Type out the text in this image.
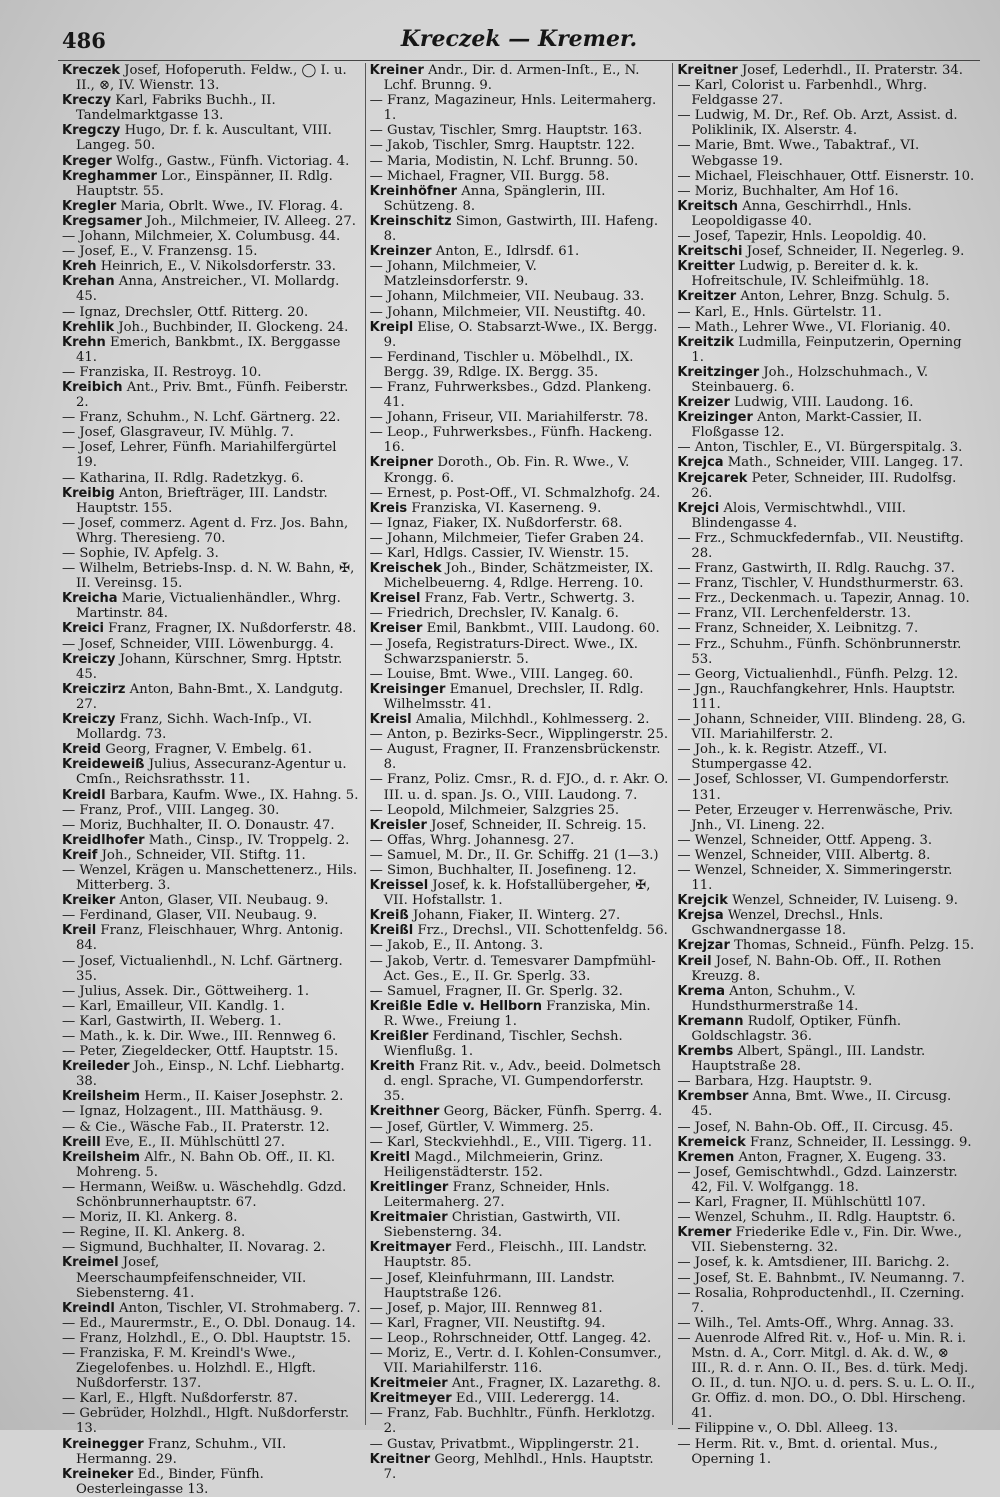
486	Kreczek — Kremer.

Kreczek Josef, Hofoperuth. Feldw., ◯ I. u. II., ⊗, IV. Wienstr. 13.

Kreczy Karl, Fabriks Buchh., II. Tandelmarktgasse 13.

Kregczy Hugo, Dr. f. k. Auscultant, VIII. Langeg. 50.

Kreger Wolfg., Gastw., Fünfh. Victoriag. 4.

Kreghammer Lor., Einspänner, II. Rdlg. Hauptstr. 55.

Kregler Maria, Obrlt. Wwe., IV. Florag. 4.

Kregsamer Joh., Milchmeier, IV. Alleeg. 27.

— Johann, Milchmeier, X. Columbusg. 44.

— Josef, E., V. Franzensg. 15.

Kreh Heinrich, E., V. Nikolsdorferstr. 33.

Krehan Anna, Anstreicher., VI. Mollardg. 45.

— Ignaz, Drechsler, Ottf. Ritterg. 20.

Krehlik Joh., Buchbinder, II. Glockeng. 24.

Krehn Emerich, Bankbmt., IX. Berggasse 41.

— Franziska, II. Restroyg. 10.

Kreibich Ant., Priv. Bmt., Fünfh. Feiberstr. 2.

— Franz, Schuhm., N. Lchf. Gärtnerg. 22.

— Josef, Glasgraveur, IV. Mühlg. 7.

— Josef, Lehrer, Fünfh. Mariahilfergürtel 19.

— Katharina, II. Rdlg. Radetzkyg. 6.

Kreibig Anton, Briefträger, III. Landstr. Hauptstr. 155.

— Josef, commerz. Agent d. Frz. Jos. Bahn, Whrg. Theresieng. 70.

— Sophie, IV. Apfelg. 3.

— Wilhelm, Betriebs-Insp. d. N. W. Bahn, ✠, II. Vereinsg. 15.

Kreicha Marie, Victualienhändler., Whrg. Martinstr. 84.

Kreici Franz, Fragner, IX. Nußdorferstr. 48.

— Josef, Schneider, VIII. Löwenburgg. 4.

Kreiczy Johann, Kürschner, Smrg. Hptstr. 45.

Kreiczirz Anton, Bahn-Bmt., X. Landgutg. 27.

Kreiczy Franz, Sichh. Wach-Inſp., VI. Mollardg. 73.

Kreid Georg, Fragner, V. Embelg. 61.

Kreideweiß Julius, Assecuranz-Agentur u. Cmſn., Reichsrathsstr. 11.

Kreidl Barbara, Kaufm. Wwe., IX. Hahng. 5.

— Franz, Prof., VIII. Langeg. 30.

— Moriz, Buchhalter, II. O. Donaustr. 47.

Kreidlhofer Math., Cinsp., IV. Troppelg. 2.

Kreif Joh., Schneider, VII. Stiftg. 11.

— Wenzel, Krägen u. Manschettenerz., Hils. Mitterberg. 3.

Kreiker Anton, Glaser, VII. Neubaug. 9.

— Ferdinand, Glaser, VII. Neubaug. 9.

Kreil Franz, Fleischhauer, Whrg. Antonig. 84.

— Josef, Victualienhdl., N. Lchf. Gärtnerg. 35.

— Julius, Assek. Dir., Göttweiherg. 1.

— Karl, Emailleur, VII. Kandlg. 1.

— Karl, Gastwirth, II. Weberg. 1.

— Math., k. k. Dir. Wwe., III. Rennweg 6.

— Peter, Ziegeldecker, Ottf. Hauptstr. 15.

Kreileder Joh., Einsp., N. Lchf. Liebhartg. 38.

Kreilsheim Herm., II. Kaiser Josephstr. 2.

— Ignaz, Holzagent., III. Matthäusg. 9.

— & Cie., Wäsche Fab., II. Praterstr. 12.

Kreill Eve, E., II. Mühlschüttl 27.

Kreilsheim Alfr., N. Bahn Ob. Off., II. Kl. Mohreng. 5.

— Hermann, Weißw. u. Wäschehdlg. Gdzd. Schönbrunnerhauptstr. 67.

— Moriz, II. Kl. Ankerg. 8.

— Regine, II. Kl. Ankerg. 8.

— Sigmund, Buchhalter, II. Novarag. 2.

Kreimel Josef, Meerschaumpfeifenschneider, VII. Siebensterng. 41.

Kreindl Anton, Tischler, VI. Strohmaberg. 7.

— Ed., Maurermstr., E., O. Dbl. Donaug. 14.

— Franz, Holzhdl., E., O. Dbl. Hauptstr. 15.

— Franziska, F. M. Kreindl's Wwe., Ziegelofenbes. u. Holzhdl. E., Hlgft. Nußdorferstr. 137.

— Karl, E., Hlgft. Nußdorferstr. 87.

— Gebrüder, Holzhdl., Hlgft. Nußdorferstr. 13.

Kreinegger Franz, Schuhm., VII. Hermanng. 29.

Kreineker Ed., Binder, Fünfh. Oesterleingasse 13.

Kreiner Andr., Dir. d. Armen-Inſt., E., N. Lchf. Brunng. 9.

— Franz, Magazineur, Hnls. Leitermaherg. 1.

— Gustav, Tischler, Smrg. Hauptstr. 163.

— Jakob, Tischler, Smrg. Hauptstr. 122.

— Maria, Modistin, N. Lchf. Brunng. 50.

— Michael, Fragner, VII. Burgg. 58.

Kreinhöfner Anna, Spänglerin, III. Schützeng. 8.

Kreinschitz Simon, Gastwirth, III. Hafeng. 8.

Kreinzer Anton, E., Idlrsdf. 61.

— Johann, Milchmeier, V. Matzleinsdorferstr. 9.

— Johann, Milchmeier, VII. Neubaug. 33.

— Johann, Milchmeier, VII. Neustiftg. 40.

Kreipl Elise, O. Stabsarzt-Wwe., IX. Bergg. 9.

— Ferdinand, Tischler u. Möbelhdl., IX. Bergg. 39, Rdlge. IX. Bergg. 35.

— Franz, Fuhrwerksbes., Gdzd. Plankeng. 41.

— Johann, Friseur, VII. Mariahilferstr. 78.

— Leop., Fuhrwerksbes., Fünfh. Hackeng. 16.

Kreipner Doroth., Ob. Fin. R. Wwe., V. Krongg. 6.

— Ernest, p. Post-Off., VI. Schmalzhofg. 24.

Kreis Franziska, VI. Kaserneng. 9.

— Ignaz, Fiaker, IX. Nußdorferstr. 68.

— Johann, Milchmeier, Tiefer Graben 24.

— Karl, Hdlgs. Cassier, IV. Wienstr. 15.

Kreischek Joh., Binder, Schätzmeister, IX. Michelbeuerng. 4, Rdlge. Herreng. 10.

Kreisel Franz, Fab. Vertr., Schwertg. 3.

— Friedrich, Drechsler, IV. Kanalg. 6.

Kreiser Emil, Bankbmt., VIII. Laudong. 60.

— Josefa, Registraturs-Direct. Wwe., IX. Schwarzspanierstr. 5.

— Louise, Bmt. Wwe., VIII. Langeg. 60.

Kreisinger Emanuel, Drechsler, II. Rdlg. Wilhelmsstr. 41.

Kreisl Amalia, Milchhdl., Kohlmesserg. 2.

— Anton, p. Bezirks-Secr., Wipplingerstr. 25.

— August, Fragner, II. Franzensbrückenstr. 8.

— Franz, Poliz. Cmsr., R. d. FJO., d. r. Akr. O. III. u. d. span. Js. O., VIII. Laudong. 7.

— Leopold, Milchmeier, Salzgries 25.

Kreisler Josef, Schneider, II. Schreig. 15.

— Offas, Whrg. Johannesg. 27.

— Samuel, M. Dr., II. Gr. Schiffg. 21 (1—3.)

— Simon, Buchhalter, II. Josefineng. 12.

Kreissel Josef, k. k. Hofstallübergeher, ✠, VII. Hofstallstr. 1.

Kreiß Johann, Fiaker, II. Winterg. 27.

Kreißl Frz., Drechsl., VII. Schottenfeldg. 56.

— Jakob, E., II. Antong. 3.

— Jakob, Vertr. d. Temesvarer Dampfmühl-Act. Ges., E., II. Gr. Sperlg. 33.

— Samuel, Fragner, II. Gr. Sperlg. 32.

Kreißle Edle v. Hellborn Franziska, Min. R. Wwe., Freiung 1.

Kreißler Ferdinand, Tischler, Sechsh. Wienflußg. 1.

Kreith Franz Rit. v., Adv., beeid. Dolmetsch d. engl. Sprache, VI. Gumpendorferstr. 35.

Kreithner Georg, Bäcker, Fünfh. Sperrg. 4.

— Josef, Gürtler, V. Wimmerg. 25.

— Karl, Steckviehhdl., E., VIII. Tigerg. 11.

Kreitl Magd., Milchmeierin, Grinz. Heiligenstädterstr. 152.

Kreitlinger Franz, Schneider, Hnls. Leitermaherg. 27.

Kreitmaier Christian, Gastwirth, VII. Siebensterng. 34.

Kreitmayer Ferd., Fleischh., III. Landstr. Hauptstr. 85.

— Josef, Kleinfuhrmann, III. Landstr. Hauptstraße 126.

— Josef, p. Major, III. Rennweg 81.

— Karl, Fragner, VII. Neustiftg. 94.

— Leop., Rohrschneider, Ottf. Langeg. 42.

— Moriz, E., Vertr. d. I. Kohlen-Consumver., VII. Mariahilferstr. 116.

Kreitmeier Ant., Fragner, IX. Lazarethg. 8.

Kreitmeyer Ed., VIII. Lederergg. 14.

— Franz, Fab. Buchhltr., Fünfh. Herklotzg. 2.

— Gustav, Privatbmt., Wipplingerstr. 21.

Kreitner Georg, Mehlhdl., Hnls. Hauptstr. 7.

Kreitner Josef, Lederhdl., II. Praterstr. 34.

— Karl, Colorist u. Farbenhdl., Whrg. Feldgasse 27.

— Ludwig, M. Dr., Ref. Ob. Arzt, Assist. d. Poliklinik, IX. Alserstr. 4.

— Marie, Bmt. Wwe., Tabaktraf., VI. Webgasse 19.

— Michael, Fleischhauer, Ottf. Eisnerstr. 10.

— Moriz, Buchhalter, Am Hof 16.

Kreitsch Anna, Geschirrhdl., Hnls. Leopoldigasse 40.

— Josef, Tapezir, Hnls. Leopoldig. 40.

Kreitschi Josef, Schneider, II. Negerleg. 9.

Kreitter Ludwig, p. Bereiter d. k. k. Hofreitschule, IV. Schleifmühlg. 18.

Kreitzer Anton, Lehrer, Bnzg. Schulg. 5.

— Karl, E., Hnls. Gürtelstr. 11.

— Math., Lehrer Wwe., VI. Florianig. 40.

Kreitzik Ludmilla, Feinputzerin, Operning 1.

Kreitzinger Joh., Holzschuhmach., V. Steinbauerg. 6.

Kreizer Ludwig, VIII. Laudong. 16.

Kreizinger Anton, Markt-Cassier, II. Floßgasse 12.

— Anton, Tischler, E., VI. Bürgerspitalg. 3.

Krejca Math., Schneider, VIII. Langeg. 17.

Krejcarek Peter, Schneider, III. Rudolfsg. 26.

Krejci Alois, Vermischtwhdl., VIII. Blindengasse 4.

— Frz., Schmuckfedernfab., VII. Neustiftg. 28.

— Franz, Gastwirth, II. Rdlg. Rauchg. 37.

— Franz, Tischler, V. Hundsthurmerstr. 63.

— Frz., Deckenmach. u. Tapezir, Annag. 10.

— Franz, VII. Lerchenfelderstr. 13.

— Franz, Schneider, X. Leibnitzg. 7.

— Frz., Schuhm., Fünfh. Schönbrunnerstr. 53.

— Georg, Victualienhdl., Fünfh. Pelzg. 12.

— Jgn., Rauchfangkehrer, Hnls. Hauptstr. 111.

— Johann, Schneider, VIII. Blindeng. 28, G. VII. Mariahilferstr. 2.

— Joh., k. k. Registr. Atzeff., VI. Stumpergasse 42.

— Josef, Schlosser, VI. Gumpendorferstr. 131.

— Peter, Erzeuger v. Herrenwäsche, Priv. Jnh., VI. Lineng. 22.

— Wenzel, Schneider, Ottf. Appeng. 3.

— Wenzel, Schneider, VIII. Albertg. 8.

— Wenzel, Schneider, X. Simmeringerstr. 11.

Krejcik Wenzel, Schneider, IV. Luiseng. 9.

Krejsa Wenzel, Drechsl., Hnls. Gschwandnergasse 18.

Krejzar Thomas, Schneid., Fünfh. Pelzg. 15.

Kreil Josef, N. Bahn-Ob. Off., II. Rothen Kreuzg. 8.

Krema Anton, Schuhm., V. Hundsthurmerstraße 14.

Kremann Rudolf, Optiker, Fünfh. Goldschlagstr. 36.

Krembs Albert, Spängl., III. Landstr. Hauptstraße 28.

— Barbara, Hzg. Hauptstr. 9.

Krembser Anna, Bmt. Wwe., II. Circusg. 45.

— Josef, N. Bahn-Ob. Off., II. Circusg. 45.

Kremeick Franz, Schneider, II. Lessingg. 9.

Kremen Anton, Fragner, X. Eugeng. 33.

— Josef, Gemischtwhdl., Gdzd. Lainzerstr. 42, Fil. V. Wolfgangg. 18.

— Karl, Fragner, II. Mühlschüttl 107.

— Wenzel, Schuhm., II. Rdlg. Hauptstr. 6.

Kremer Friederike Edle v., Fin. Dir. Wwe., VII. Siebensterng. 32.

— Josef, k. k. Amtsdiener, III. Barichg. 2.

— Josef, St. E. Bahnbmt., IV. Neumanng. 7.

— Rosalia, Rohproductenhdl., II. Czerning. 7.

— Wilh., Tel. Amts-Off., Whrg. Annag. 33.

— Auenrode Alfred Rit. v., Hof- u. Min. R. i. Mstn. d. A., Corr. Mitgl. d. Ak. d. W., ⊗ III., R. d. r. Ann. O. II., Bes. d. türk. Medj. O. II., d. tun. NJO. u. d. pers. S. u. L. O. II., Gr. Offiz. d. mon. DO., O. Dbl. Hirscheng. 41.

— Filippine v., O. Dbl. Alleeg. 13.

— Herm. Rit. v., Bmt. d. oriental. Mus., Operning 1.
